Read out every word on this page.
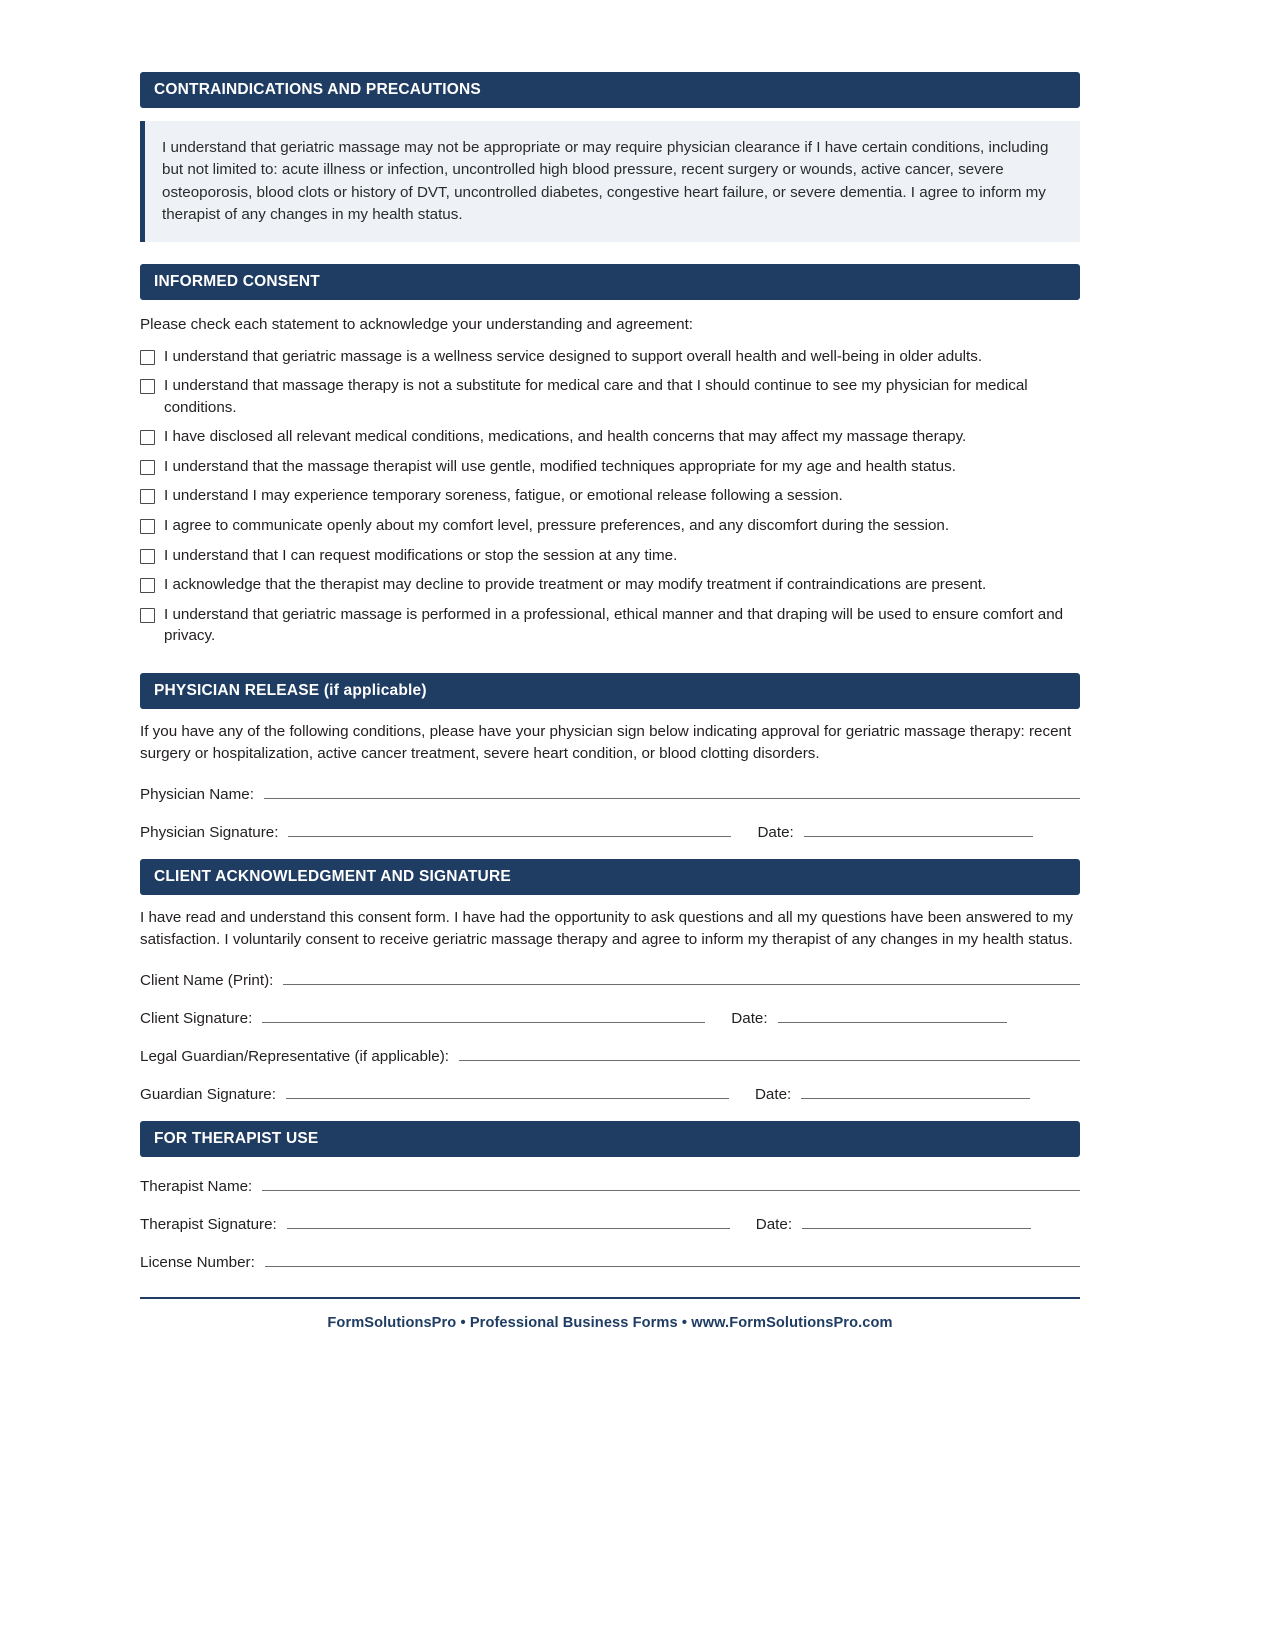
CONTRAINDICATIONS AND PRECAUTIONS
I understand that geriatric massage may not be appropriate or may require physician clearance if I have certain conditions, including but not limited to: acute illness or infection, uncontrolled high blood pressure, recent surgery or wounds, active cancer, severe osteoporosis, blood clots or history of DVT, uncontrolled diabetes, congestive heart failure, or severe dementia. I agree to inform my therapist of any changes in my health status.
INFORMED CONSENT
Please check each statement to acknowledge your understanding and agreement:
I understand that geriatric massage is a wellness service designed to support overall health and well-being in older adults.
I understand that massage therapy is not a substitute for medical care and that I should continue to see my physician for medical conditions.
I have disclosed all relevant medical conditions, medications, and health concerns that may affect my massage therapy.
I understand that the massage therapist will use gentle, modified techniques appropriate for my age and health status.
I understand I may experience temporary soreness, fatigue, or emotional release following a session.
I agree to communicate openly about my comfort level, pressure preferences, and any discomfort during the session.
I understand that I can request modifications or stop the session at any time.
I acknowledge that the therapist may decline to provide treatment or may modify treatment if contraindications are present.
I understand that geriatric massage is performed in a professional, ethical manner and that draping will be used to ensure comfort and privacy.
PHYSICIAN RELEASE (if applicable)
If you have any of the following conditions, please have your physician sign below indicating approval for geriatric massage therapy: recent surgery or hospitalization, active cancer treatment, severe heart condition, or blood clotting disorders.
Physician Name:
Physician Signature:	Date:
CLIENT ACKNOWLEDGMENT AND SIGNATURE
I have read and understand this consent form. I have had the opportunity to ask questions and all my questions have been answered to my satisfaction. I voluntarily consent to receive geriatric massage therapy and agree to inform my therapist of any changes in my health status.
Client Name (Print):
Client Signature:	Date:
Legal Guardian/Representative (if applicable):
Guardian Signature:	Date:
FOR THERAPIST USE
Therapist Name:
Therapist Signature:	Date:
License Number:
FormSolutionsPro • Professional Business Forms • www.FormSolutionsPro.com
